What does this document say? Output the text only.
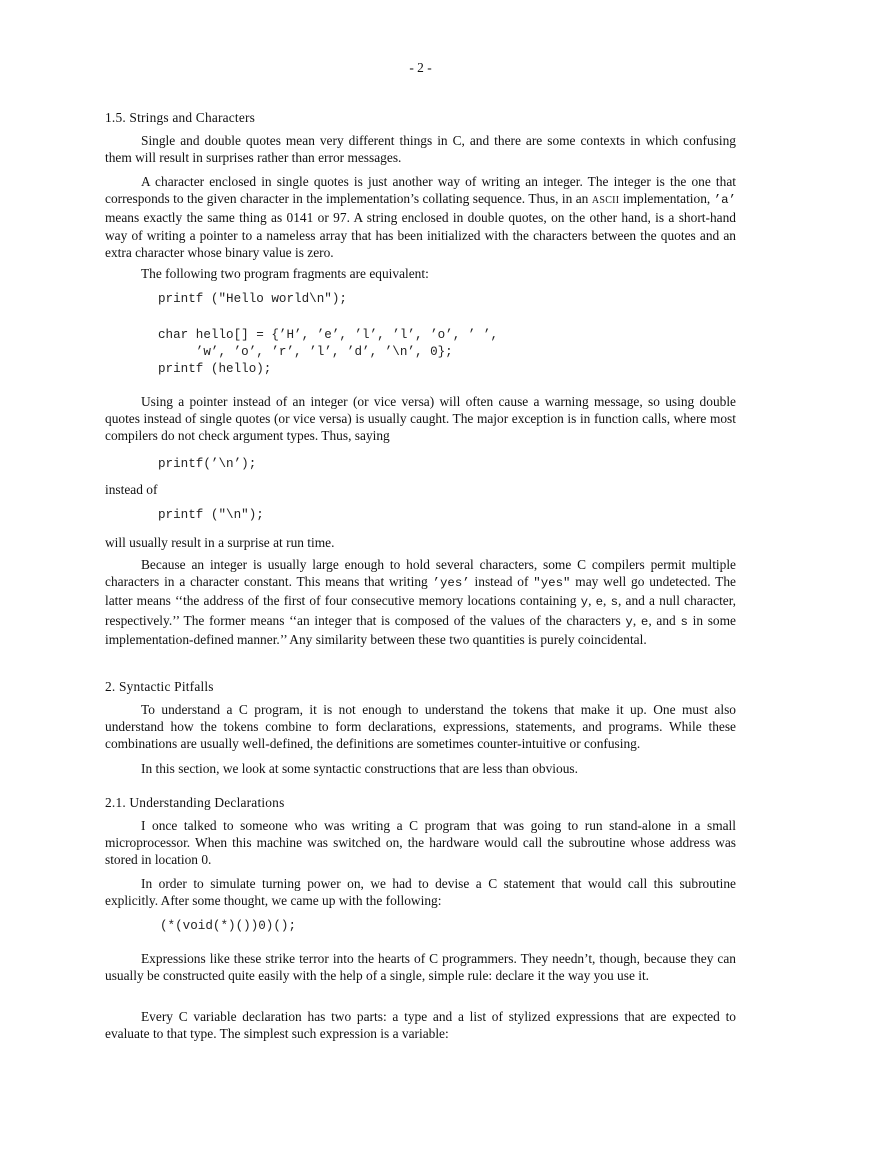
- 2 -
1.5. Strings and Characters
Single and double quotes mean very different things in C, and there are some contexts in which confusing them will result in surprises rather than error messages.
A character enclosed in single quotes is just another way of writing an integer. The integer is the one that corresponds to the given character in the implementation’s collating sequence. Thus, in an ASCII implementation, ’a’ means exactly the same thing as 0141 or 97. A string enclosed in double quotes, on the other hand, is a short-hand way of writing a pointer to a nameless array that has been initialized with the characters between the quotes and an extra character whose binary value is zero.
The following two program fragments are equivalent:
printf ("Hello world\n");
char hello[] = {’H’, ’e’, ’l’, ’l’, ’o’, ’ ’,
’w’, ’o’, ’r’, ’l’, ’d’, ’\n’, 0};
printf (hello);
Using a pointer instead of an integer (or vice versa) will often cause a warning message, so using double quotes instead of single quotes (or vice versa) is usually caught. The major exception is in function calls, where most compilers do not check argument types. Thus, saying
printf(’\n’);
instead of
printf ("\n");
will usually result in a surprise at run time.
Because an integer is usually large enough to hold several characters, some C compilers permit multiple characters in a character constant. This means that writing ’yes’ instead of "yes" may well go undetected. The latter means ‘‘the address of the first of four consecutive memory locations containing y, e, s, and a null character, respectively.’’ The former means ‘‘an integer that is composed of the values of the characters y, e, and s in some implementation-defined manner.’’ Any similarity between these two quantities is purely coincidental.
2. Syntactic Pitfalls
To understand a C program, it is not enough to understand the tokens that make it up. One must also understand how the tokens combine to form declarations, expressions, statements, and programs. While these combinations are usually well-defined, the definitions are sometimes counter-intuitive or confusing.
In this section, we look at some syntactic constructions that are less than obvious.
2.1. Understanding Declarations
I once talked to someone who was writing a C program that was going to run stand-alone in a small microprocessor. When this machine was switched on, the hardware would call the subroutine whose address was stored in location 0.
In order to simulate turning power on, we had to devise a C statement that would call this subroutine explicitly. After some thought, we came up with the following:
(*(void(*)())0)();
Expressions like these strike terror into the hearts of C programmers. They needn’t, though, because they can usually be constructed quite easily with the help of a single, simple rule: declare it the way you use it.
Every C variable declaration has two parts: a type and a list of stylized expressions that are expected to evaluate to that type. The simplest such expression is a variable:
